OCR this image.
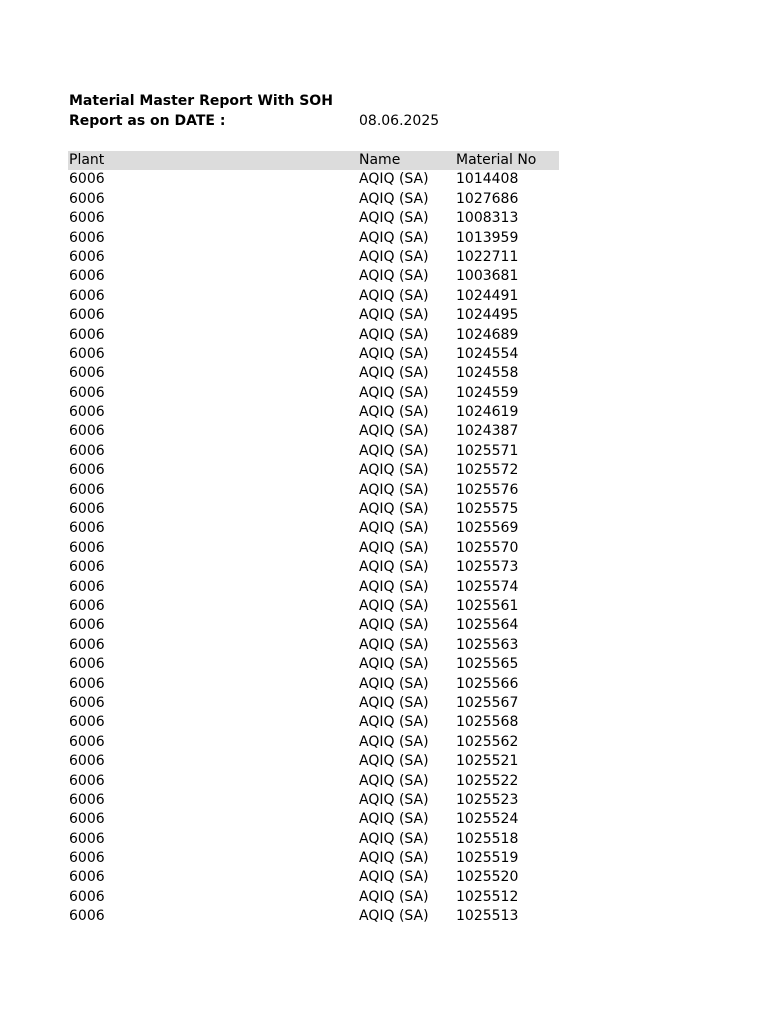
Material Master Report With SOH
Report as on DATE :	08.06.2025
Plant	Name	Material No
6006	AQIQ (SA) 1014408
6006	AQIQ (SA) 1027686
6006	AQIQ (SA) 1008313
6006	AQIQ (SA) 1013959
6006	AQIQ (SA) 1022711
6006	AQIQ (SA) 1003681
6006	AQIQ (SA) 1024491
6006	AQIQ (SA) 1024495
6006	AQIQ (SA) 1024689
6006	AQIQ (SA) 1024554
6006	AQIQ (SA) 1024558
6006	AQIQ (SA) 1024559
6006	AQIQ (SA) 1024619
6006	AQIQ (SA) 1024387
6006	AQIQ (SA) 1025571
6006	AQIQ (SA) 1025572
6006	AQIQ (SA) 1025576
6006	AQIQ (SA) 1025575
6006	AQIQ (SA) 1025569
6006	AQIQ (SA) 1025570
6006	AQIQ (SA) 1025573
6006	AQIQ (SA) 1025574
6006	AQIQ (SA) 1025561
6006	AQIQ (SA) 1025564
6006	AQIQ (SA) 1025563
6006	AQIQ (SA) 1025565
6006	AQIQ (SA) 1025566
6006	AQIQ (SA) 1025567
6006	AQIQ (SA) 1025568
6006	AQIQ (SA) 1025562
6006	AQIQ (SA) 1025521
6006	AQIQ (SA) 1025522
6006	AQIQ (SA) 1025523
6006	AQIQ (SA) 1025524
6006	AQIQ (SA) 1025518
6006	AQIQ (SA) 1025519
6006	AQIQ (SA) 1025520
6006	AQIQ (SA) 1025512
6006	AQIQ (SA) 1025513
